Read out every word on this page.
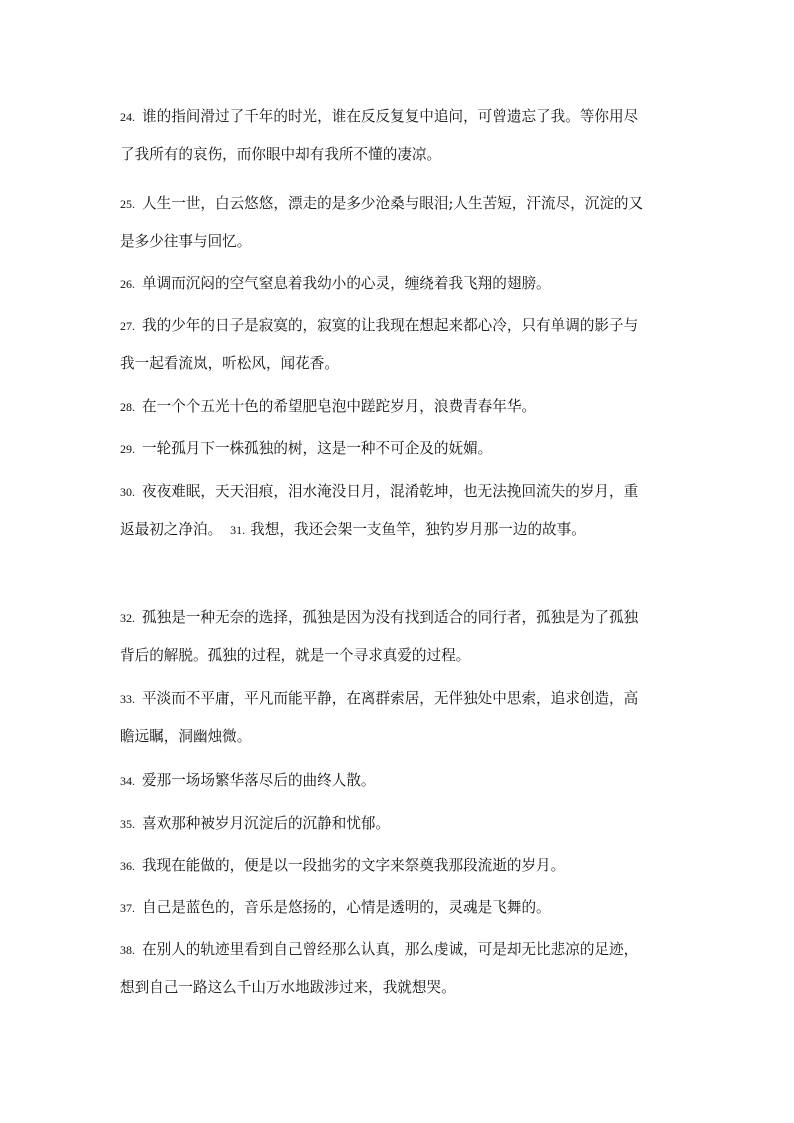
24. 谁的指间滑过了千年的时光，谁在反反复复中追问，可曾遗忘了我。等你用尽
了我所有的哀伤，而你眼中却有我所不懂的凄凉。
25. 人生一世，白云悠悠，漂走的是多少沧桑与眼泪;人生苦短，汗流尽，沉淀的又
是多少往事与回忆。
26. 单调而沉闷的空气窒息着我幼小的心灵，缠绕着我飞翔的翅膀。
27. 我的少年的日子是寂寞的，寂寞的让我现在想起来都心冷，只有单调的影子与
我一起看流岚，听松风，闻花香。
28. 在一个个五光十色的希望肥皂泡中蹉跎岁月，浪费青春年华。
29. 一轮孤月下一株孤独的树，这是一种不可企及的妩媚。
30. 夜夜难眠，天天泪痕，泪水淹没日月，混淆乾坤，也无法挽回流失的岁月，重
返最初之净泊。 31. 我想，我还会架一支鱼竿，独钓岁月那一边的故事。
32. 孤独是一种无奈的选择，孤独是因为没有找到适合的同行者，孤独是为了孤独
背后的解脱。孤独的过程，就是一个寻求真爱的过程。
33. 平淡而不平庸，平凡而能平静，在离群索居，无伴独处中思索，追求创造，高
瞻远瞩，洞幽烛微。
34. 爱那一场场繁华落尽后的曲终人散。
35. 喜欢那种被岁月沉淀后的沉静和忧郁。
36. 我现在能做的，便是以一段拙劣的文字来祭奠我那段流逝的岁月。
37. 自己是蓝色的，音乐是悠扬的，心情是透明的，灵魂是飞舞的。
38. 在别人的轨迹里看到自己曾经那么认真，那么虔诚，可是却无比悲凉的足迹，
想到自己一路这么千山万水地跋涉过来，我就想哭。
